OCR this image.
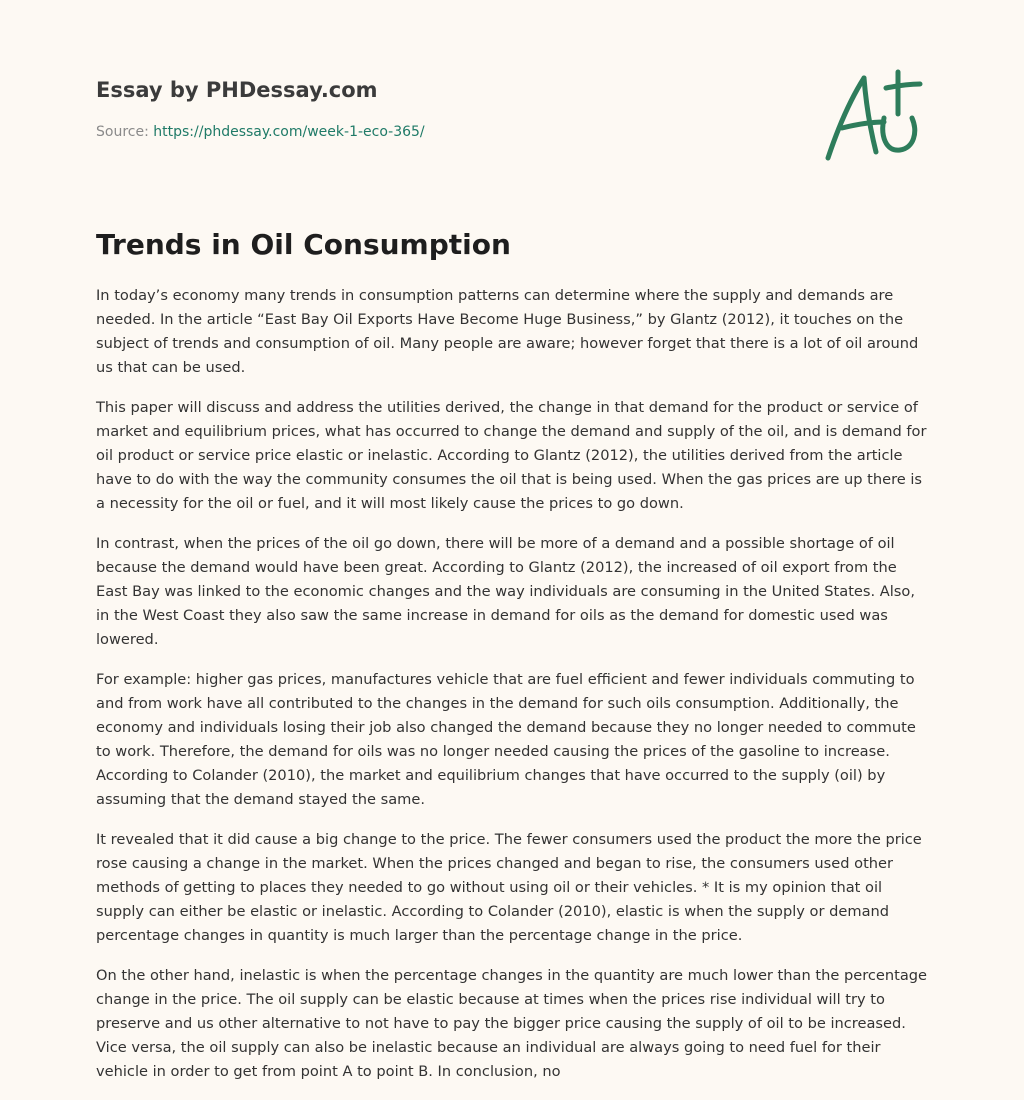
Essay by PHDessay.com
Source: https://phdessay.com/week-1-eco-365/
Trends in Oil Consumption

In today’s economy many trends in consumption patterns can determine where the supply and demands are needed. In the article “East Bay Oil Exports Have Become Huge Business,” by Glantz (2012), it touches on the subject of trends and consumption of oil. Many people are aware; however forget that there is a lot of oil around us that can be used.

This paper will discuss and address the utilities derived, the change in that demand for the product or service of market and equilibrium prices, what has occurred to change the demand and supply of the oil, and is demand for oil product or service price elastic or inelastic. According to Glantz (2012), the utilities derived from the article have to do with the way the community consumes the oil that is being used. When the gas prices are up there is a necessity for the oil or fuel, and it will most likely cause the prices to go down.

In contrast, when the prices of the oil go down, there will be more of a demand and a possible shortage of oil because the demand would have been great. According to Glantz (2012), the increased of oil export from the East Bay was linked to the economic changes and the way individuals are consuming in the United States. Also, in the West Coast they also saw the same increase in demand for oils as the demand for domestic used was lowered.

For example: higher gas prices, manufactures vehicle that are fuel efficient and fewer individuals commuting to and from work have all contributed to the changes in the demand for such oils consumption. Additionally, the economy and individuals losing their job also changed the demand because they no longer needed to commute to work. Therefore, the demand for oils was no longer needed causing the prices of the gasoline to increase. According to Colander (2010), the market and equilibrium changes that have occurred to the supply (oil) by assuming that the demand stayed the same.

It revealed that it did cause a big change to the price. The fewer consumers used the product the more the price rose causing a change in the market. When the prices changed and began to rise, the consumers used other methods of getting to places they needed to go without using oil or their vehicles. * It is my opinion that oil supply can either be elastic or inelastic. According to Colander (2010), elastic is when the supply or demand percentage changes in quantity is much larger than the percentage change in the price.

On the other hand, inelastic is when the percentage changes in the quantity are much lower than the percentage change in the price. The oil supply can be elastic because at times when the prices rise individual will try to preserve and us other alternative to not have to pay the bigger price causing the supply of oil to be increased. Vice versa, the oil supply can also be inelastic because an individual are always going to need fuel for their vehicle in order to get from point A to point B. In conclusion, no
